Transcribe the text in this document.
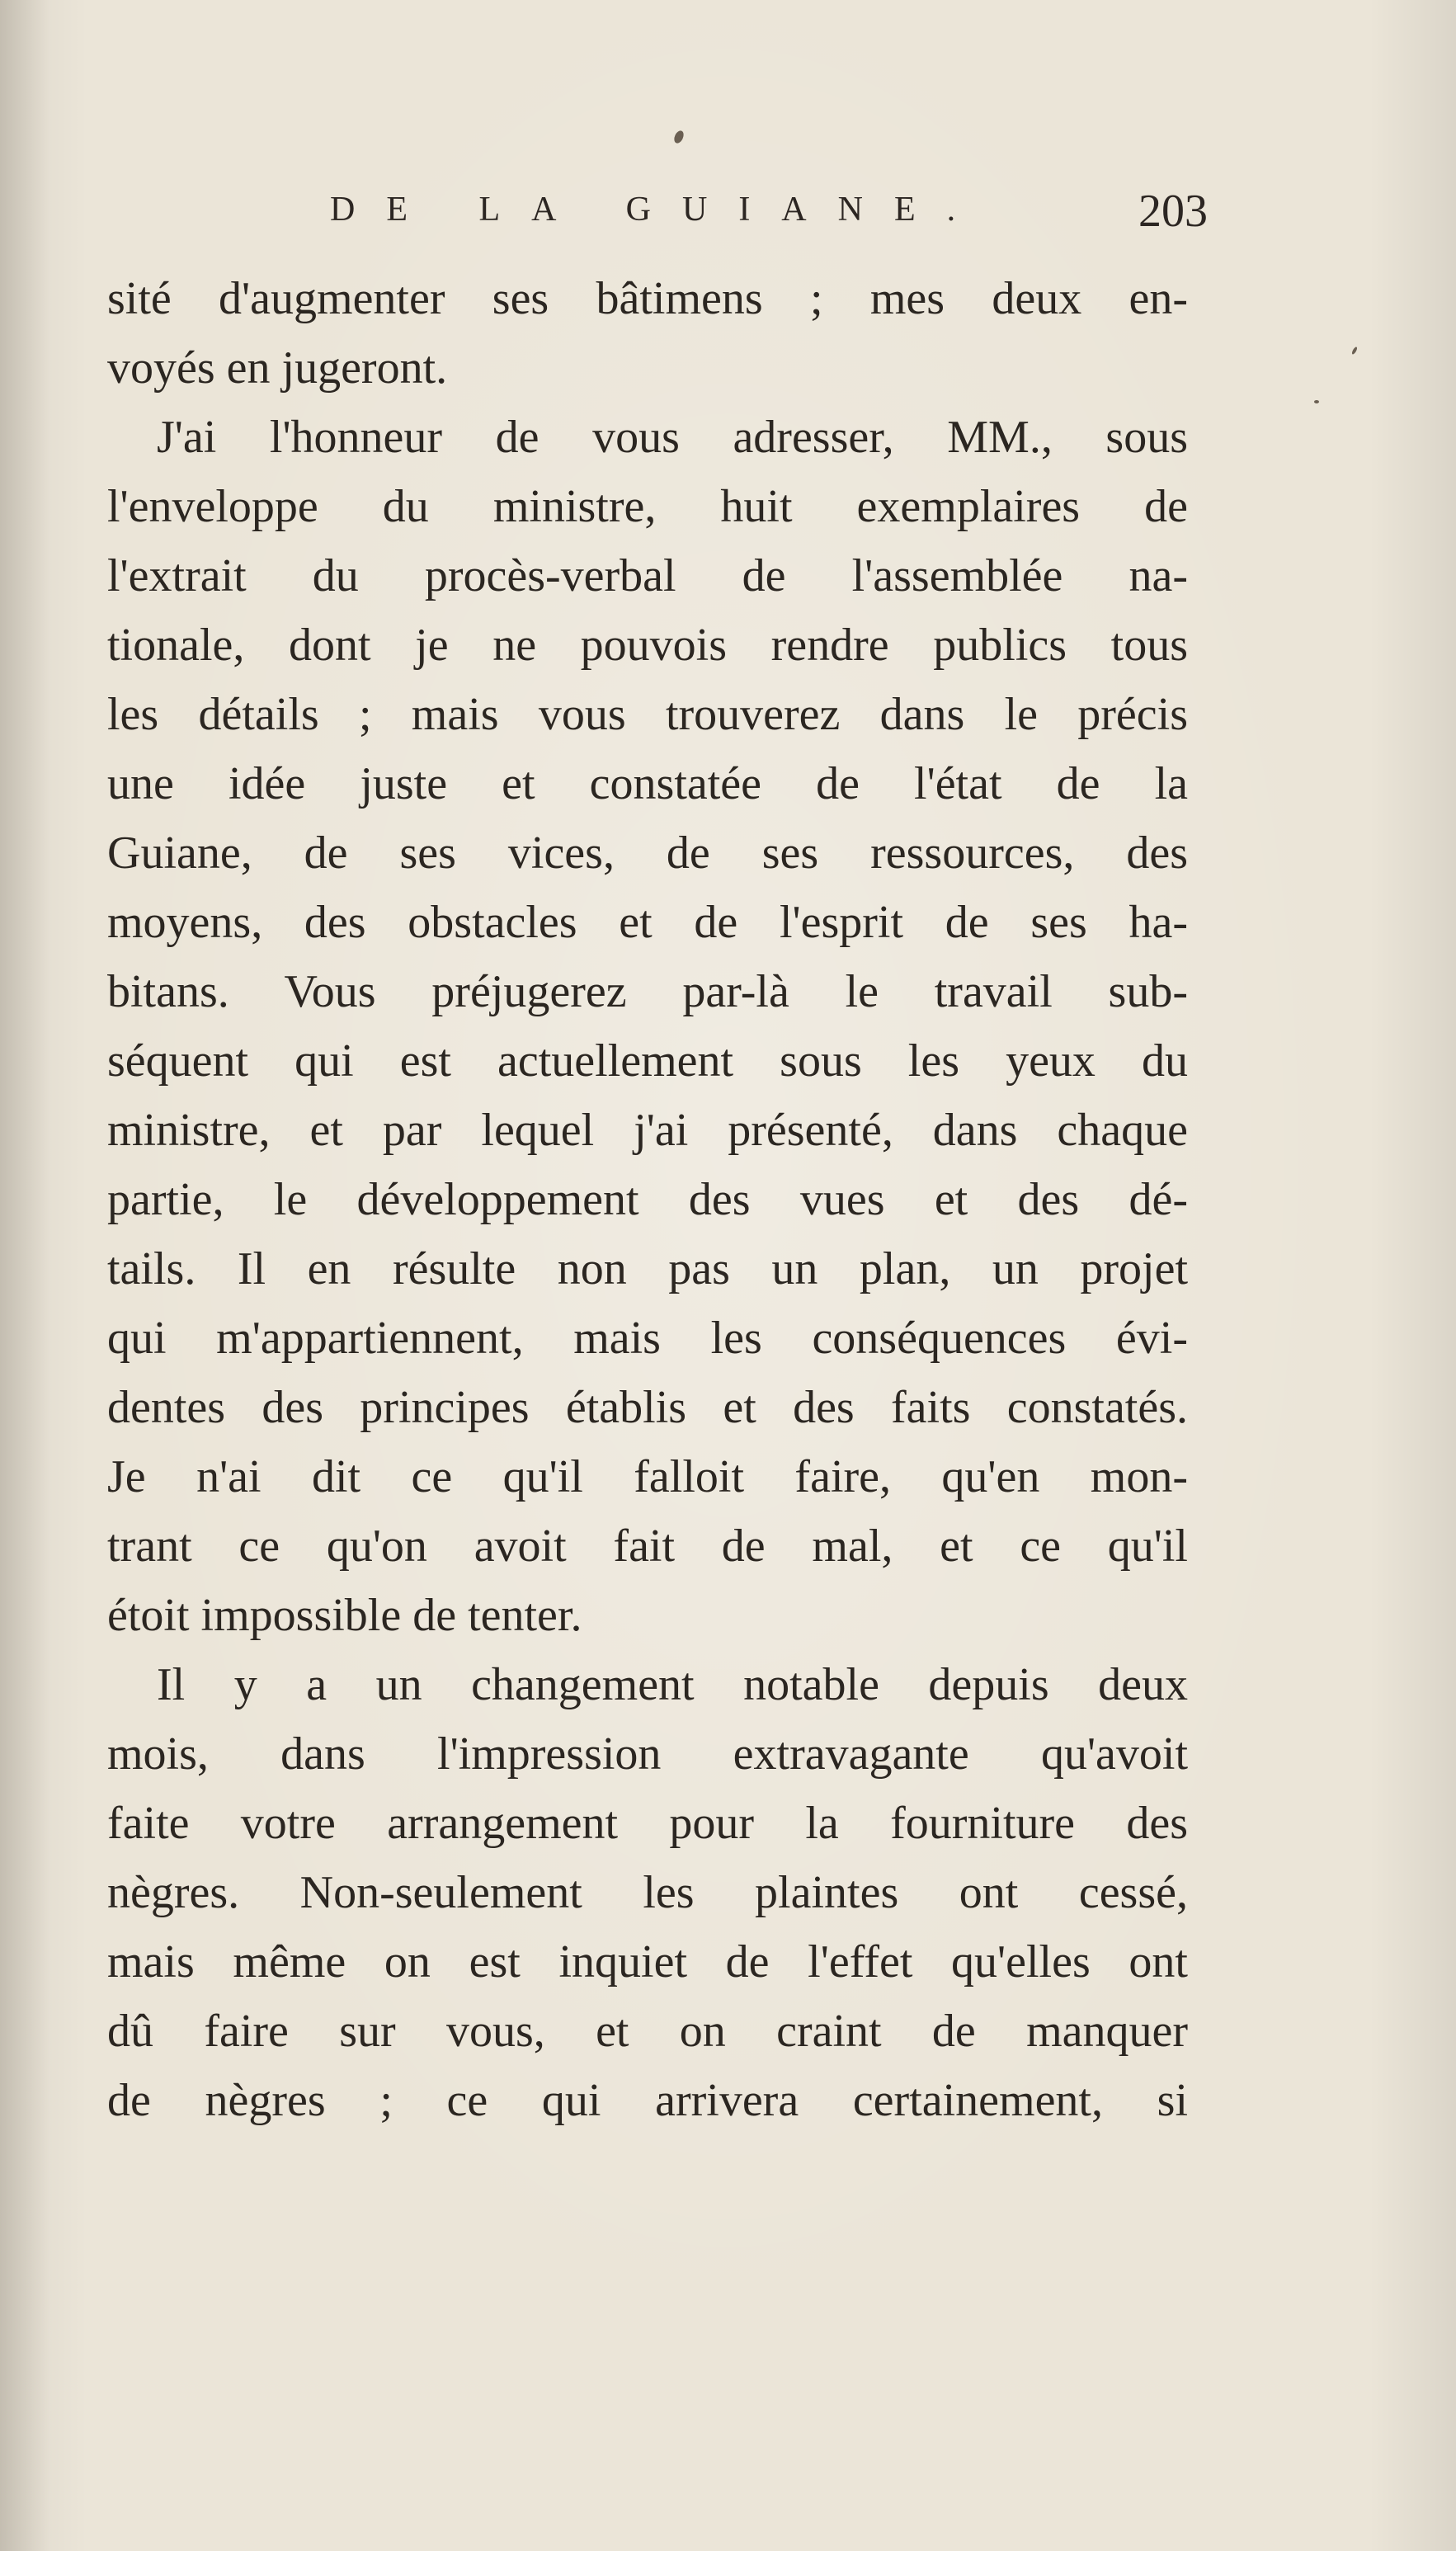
DE LA GUIANE.	203
sité d'augmenter ses bâtimens ; mes deux en-
voyés en jugeront.
J'ai l'honneur de vous adresser, MM., sous
l'enveloppe du ministre, huit exemplaires de
l'extrait du procès-verbal de l'assemblée na-
tionale, dont je ne pouvois rendre publics tous
les détails ; mais vous trouverez dans le précis
une idée juste et constatée de l'état de la
Guiane, de ses vices, de ses ressources, des
moyens, des obstacles et de l'esprit de ses ha-
bitans. Vous préjugerez par-là le travail sub-
séquent qui est actuellement sous les yeux du
ministre, et par lequel j'ai présenté, dans chaque
partie, le développement des vues et des dé-
tails. Il en résulte non pas un plan, un projet
qui m'appartiennent, mais les conséquences évi-
dentes des principes établis et des faits constatés.
Je n'ai dit ce qu'il falloit faire, qu'en mon-
trant ce qu'on avoit fait de mal, et ce qu'il
étoit impossible de tenter.
Il y a un changement notable depuis deux
mois, dans l'impression extravagante qu'avoit
faite votre arrangement pour la fourniture des
nègres. Non-seulement les plaintes ont cessé,
mais même on est inquiet de l'effet qu'elles ont
dû faire sur vous, et on craint de manquer
de nègres ; ce qui arrivera certainement, si
